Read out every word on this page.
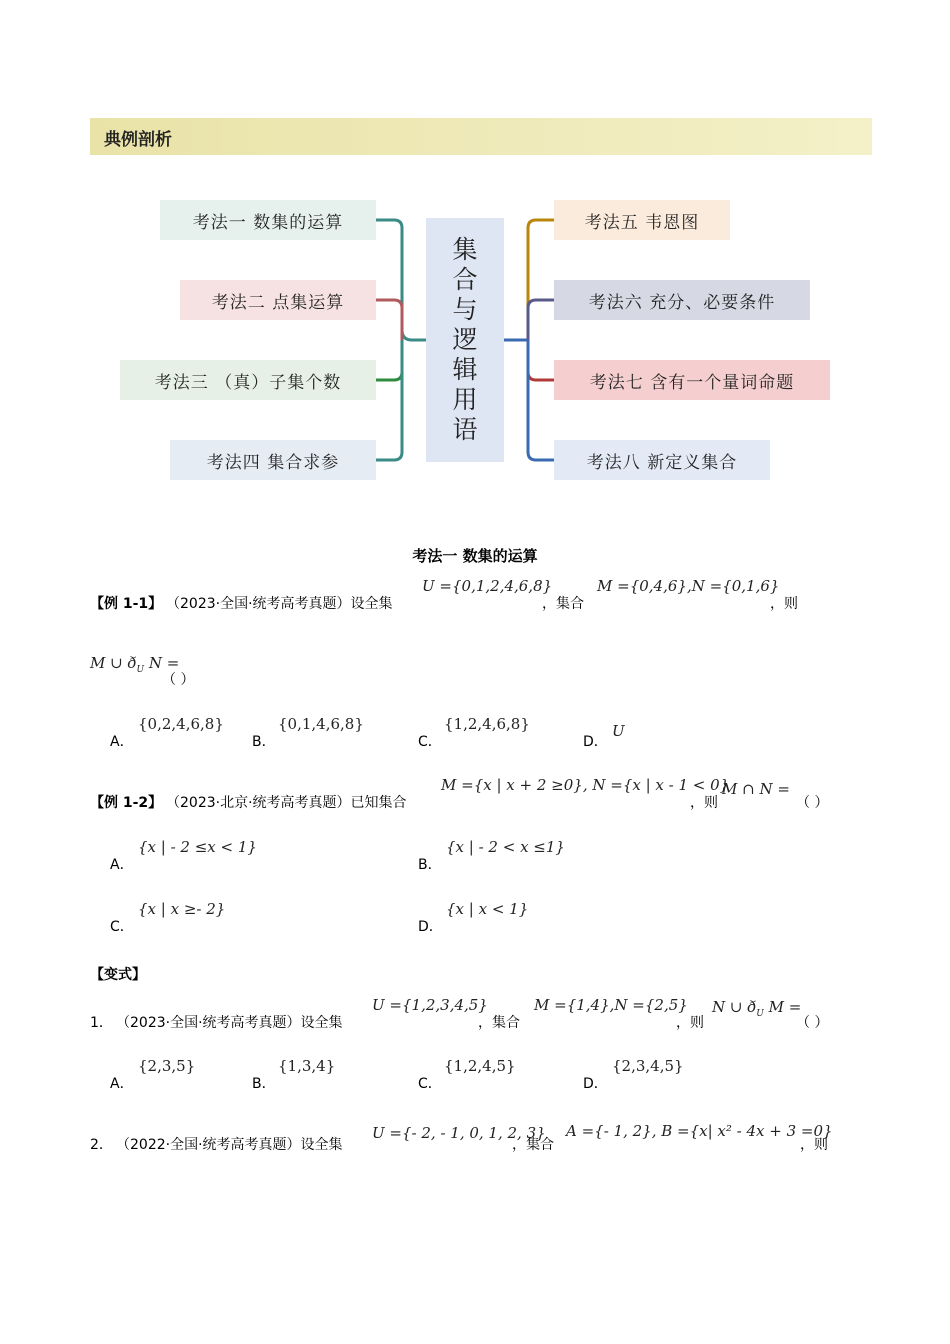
典例剖析
考法一 数集的运算
考法二 点集运算
考法三 （真）子集个数
考法四 集合求参
集
合
与
逻
辑
用
语
考法五 韦恩图
考法六 充分、必要条件
考法七 含有一个量词命题
考法八 新定义集合
考法一 数集的运算
【例 1-1】 （2023·全国·统考高考真题）设全集
U ={0,1,2,4,6,8}
，集合
M ={0,4,6},N ={0,1,6}
，则
M ∪ $ð_U$ N =
（ ）
A．
{0,2,4,6,8}
B．
{0,1,4,6,8}
C．
{1,2,4,6,8}
D．
U
【例 1-2】 （2023·北京·统考高考真题）已知集合
M ={x | x + 2 ≥0}, N ={x | x - 1 < 0}
，则
M ∩ N =
（ ）
A．
{x | - 2 ≤x < 1}
B．
{x | - 2 < x ≤1}
C．
{x | x ≥- 2}
D．
{x | x < 1}
【变式】
1． （2023·全国·统考高考真题）设全集
U ={1,2,3,4,5}
，集合
M ={1,4},N ={2,5}
，则
N ∪ $ð_U$ M =
（ ）
A．
{2,3,5}
B．
{1,3,4}
C．
{1,2,4,5}
D．
{2,3,4,5}
2． （2022·全国·统考高考真题）设全集
U ={- 2, - 1, 0, 1, 2, 3}
，集合
A ={- 1, 2}, B ={x| x² - 4x + 3 =0}
，则
